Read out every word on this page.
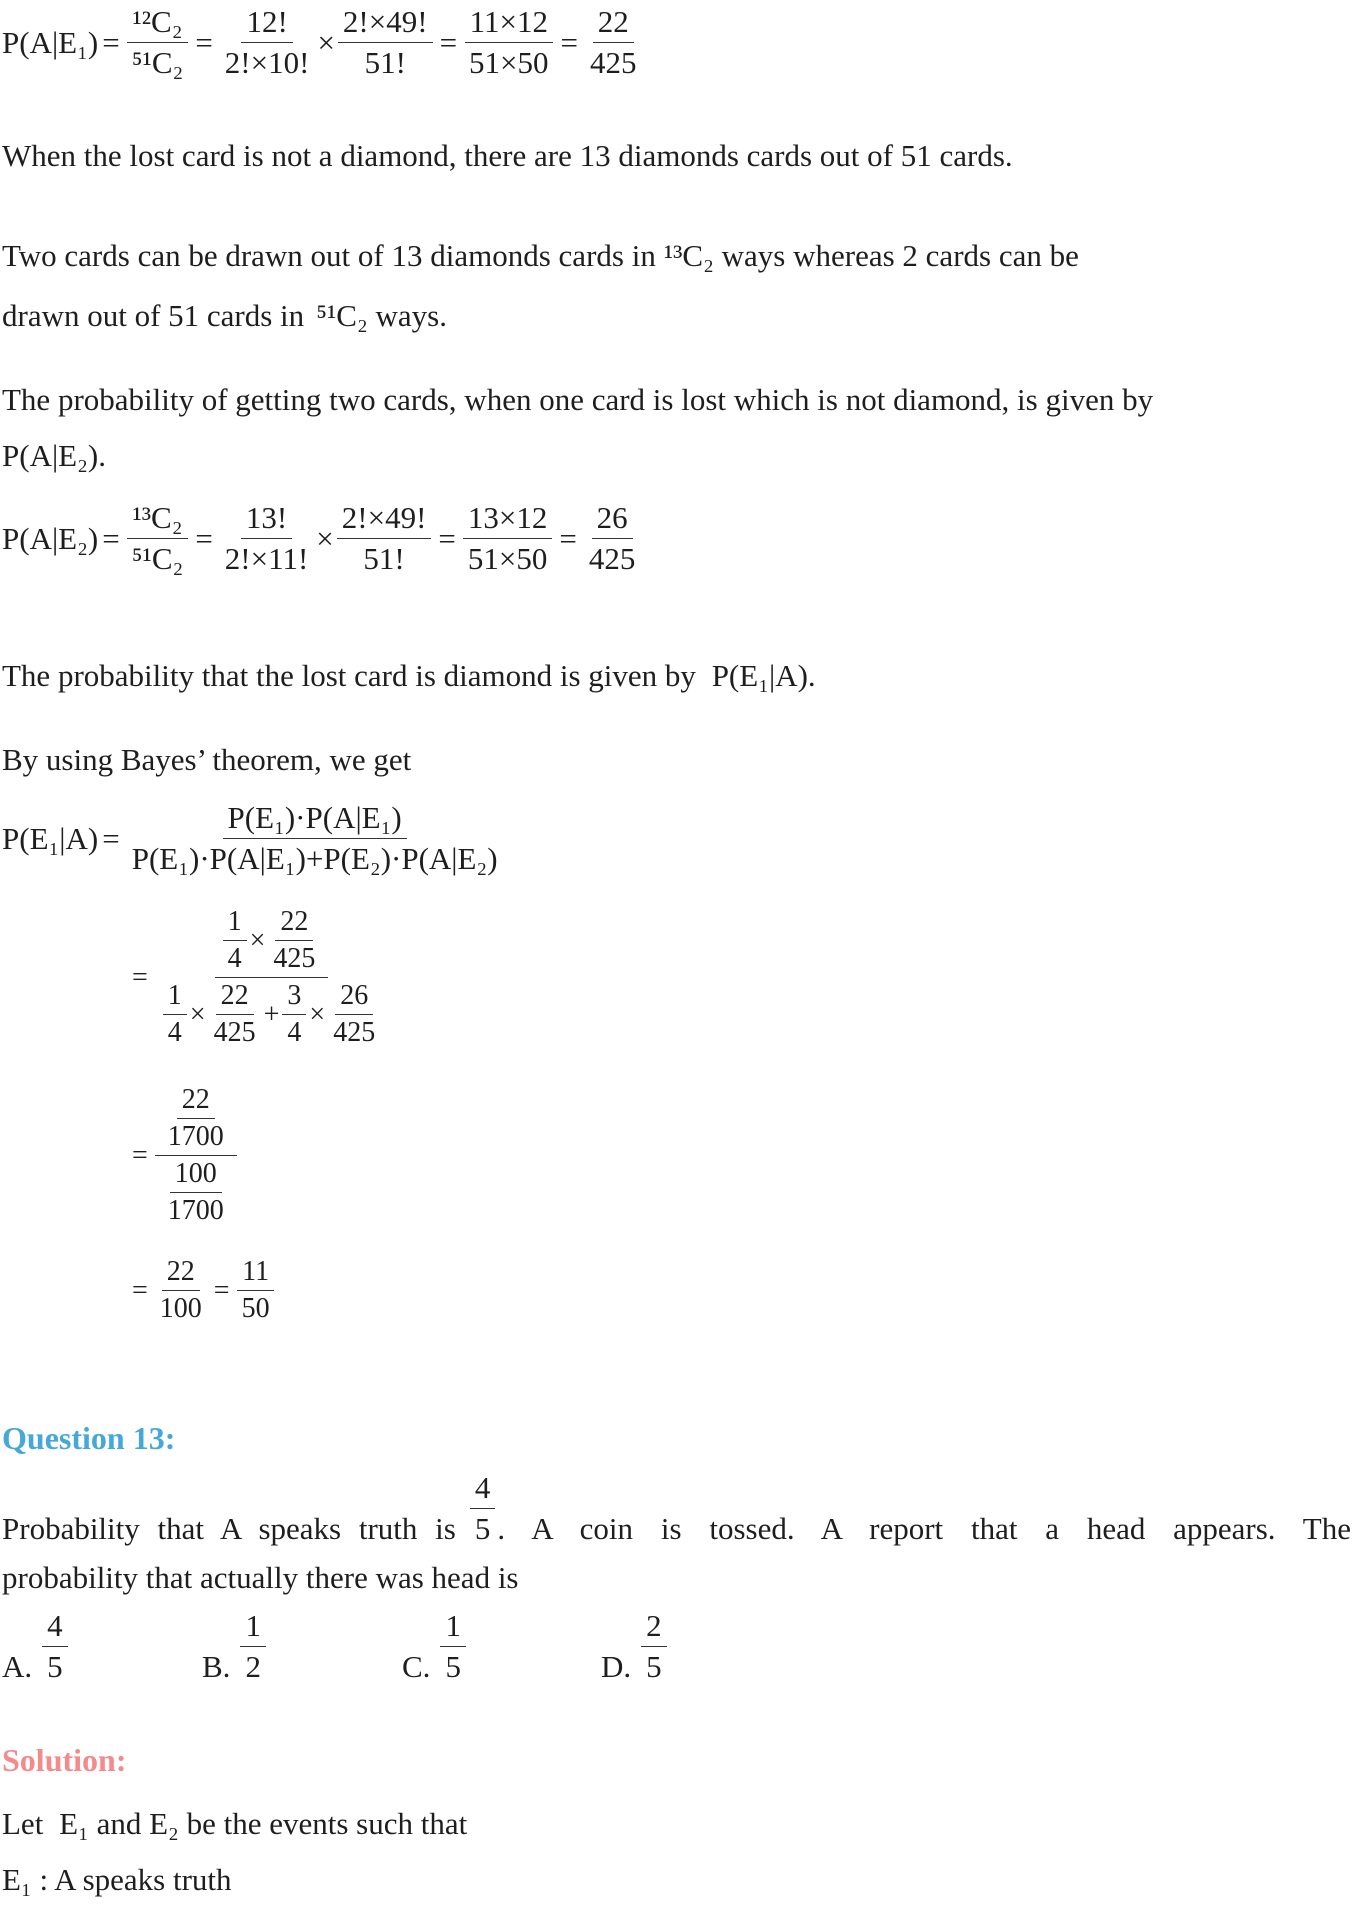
$P(A|E_1) = \frac{\text{¹²C₂}}{\text{⁵¹C₂}} = \frac{12!}{2!\times 10!} \times \frac{2!\times 49!}{51!} = \frac{11\times 12}{51\times 50} = \frac{22}{425}$
When the lost card is not a diamond, there are 13 diamonds cards out of 51 cards.
Two cards can be drawn out of 13 diamonds cards in ¹³C₂ ways whereas 2 cards can be
drawn out of 51 cards in ⁵¹C₂ ways.
The probability of getting two cards, when one card is lost which is not diamond, is given by
P(A|E₂).
$P(A|E_2) = \frac{\text{¹³C₂}}{\text{⁵¹C₂}} = \frac{13!}{2!\times 11!} \times \frac{2!\times 49!}{51!} = \frac{13\times 12}{51\times 50} = \frac{26}{425}$
The probability that the lost card is diamond is given by P(E₁|A).
By using Bayes’ theorem, we get
$P(E_1|A) = \frac{\text{P(E₁)·P(A|E₁)}}{\text{P(E₁)·P(A|E₁)+P(E₂)·P(A|E₂)}}$
= $\frac{\frac{1}{4} \times \frac{22}{425}}{\frac{1}{4} \times \frac{22}{425} + \frac{3}{4} \times \frac{26}{425}}$
= $\frac{\frac{22}{1700}}{\frac{100}{1700}}$
= $\frac{22}{100} = \frac{11}{50}$
Question 13:
Probability that A speaks truth is $\frac{4}{5}$ . A coin is tossed. A report that a head appears. The
probability that actually there was head is
A. $\frac{4}{5}$	B. $\frac{1}{2}$	C. $\frac{1}{5}$	D. $\frac{2}{5}$
Solution:
Let E₁ and E₂ be the events such that
E₁ : A speaks truth
